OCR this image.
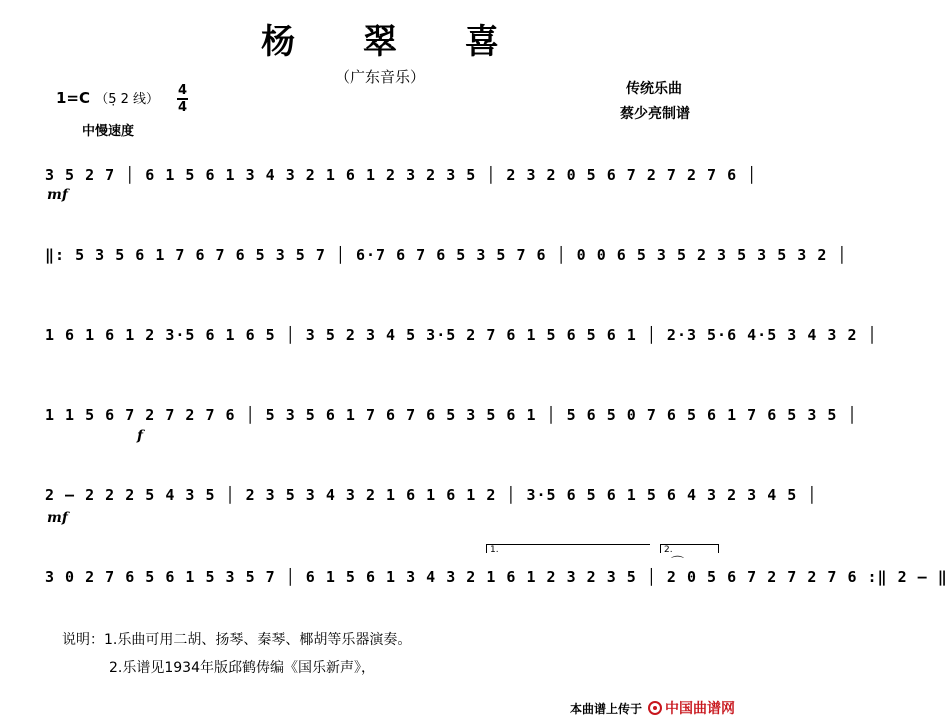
杨 翠 喜
（广东音乐）
1=C （5̣ 2 线）
4
4
中慢速度
传统乐曲
蔡少亮制谱
3 5 2 7 │ 6 1 5 6 1 3 4 3 2 1 6 1 2 3 2 3 5 │ 2 3 2 0 5 6 7 2 7 2 7 6 │
mf
‖: 5 3 5 6 1 7 6 7 6 5 3 5 7 │ 6·7 6 7 6 5 3 5 7 6 │ 0 0 6 5 3 5 2 3 5 3 5 3 2 │
1 6 1 6 1 2 3·5 6 1 6 5 │ 3 5 2 3 4 5 3·5 2 7 6 1 5 6 5 6 1 │ 2·3 5·6 4·5 3 4 3 2 │
1 1 5 6 7 2 7 2 7 6 │ 5 3 5 6 1 7 6 7 6 5 3 5 6 1 │ 5 6 5 0 7 6 5 6 1 7 6 5 3 5 │
f
2 – 2 2 2 5 4 3 5 │ 2 3 5 3 4 3 2 1 6 1 6 1 2 │ 3·5 6 5 6 1 5 6 4 3 2 3 4 5 │
mf
3 0 2 7 6 5 6 1 5 3 5 7 │ 6 1 5 6 1 3 4 3 2 1 6 1 2 3 2 3 5 │ 2 0 5 6 7 2 7 2 7 6 :‖ 2 – ‖
1.	2.
⌒
说明：1.乐曲可用二胡、扬琴、秦琴、椰胡等乐器演奏。
2.乐谱见1934年版邱鹤俦编《国乐新声》，
本曲谱上传于 中国曲谱网
